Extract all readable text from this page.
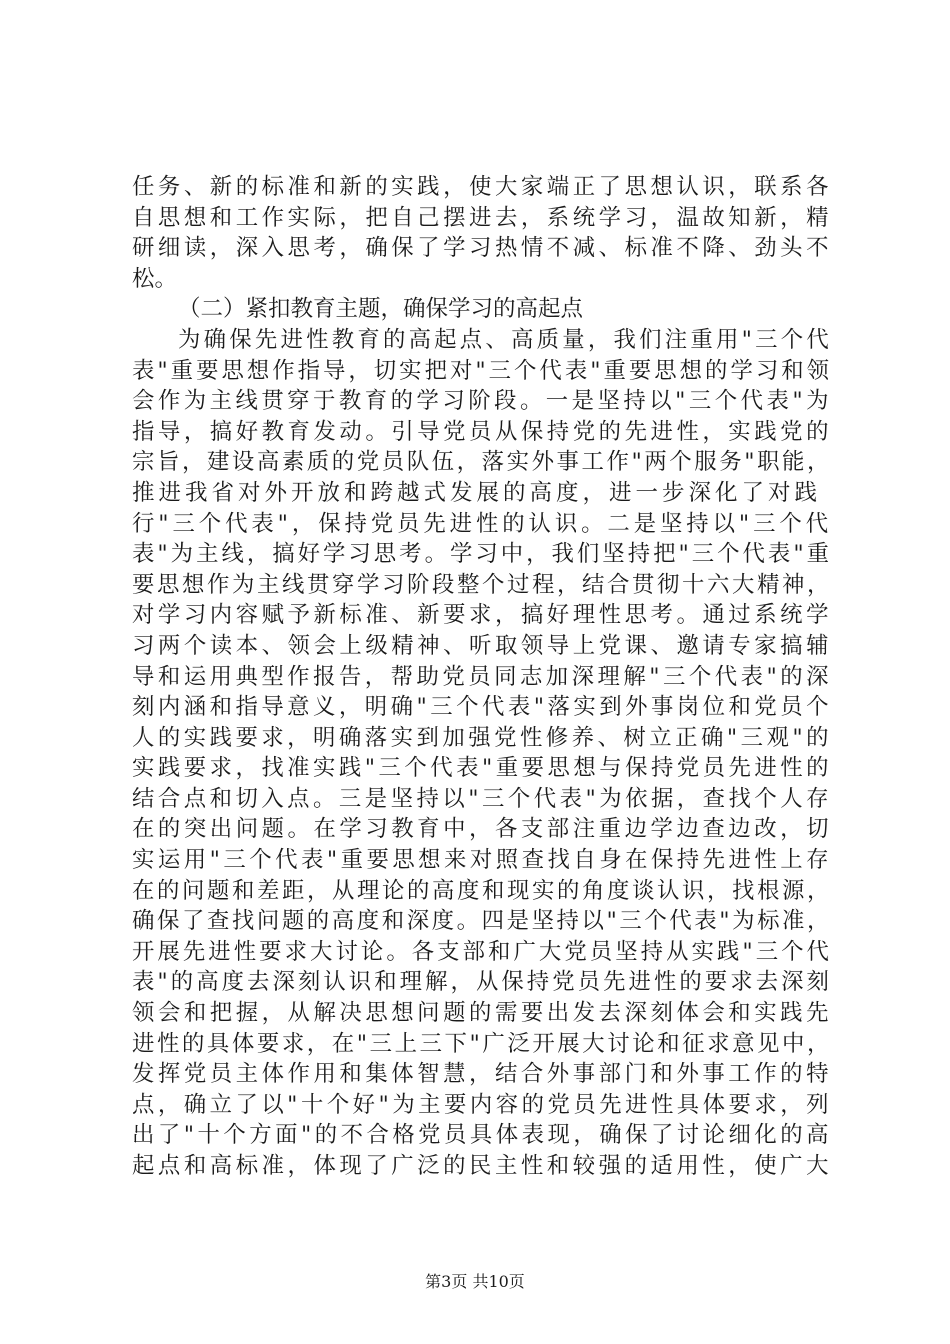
任务、新的标准和新的实践，使大家端正了思想认识，联系各
自思想和工作实际，把自己摆进去，系统学习，温故知新，精
研细读，深入思考，确保了学习热情不减、标准不降、劲头不
松。
（二）紧扣教育主题，确保学习的高起点
为确保先进性教育的高起点、高质量，我们注重用"三个代
表"重要思想作指导，切实把对"三个代表"重要思想的学习和领
会作为主线贯穿于教育的学习阶段。一是坚持以"三个代表"为
指导，搞好教育发动。引导党员从保持党的先进性，实践党的
宗旨，建设高素质的党员队伍，落实外事工作"两个服务"职能，
推进我省对外开放和跨越式发展的高度，进一步深化了对践
行"三个代表"，保持党员先进性的认识。二是坚持以"三个代
表"为主线，搞好学习思考。学习中，我们坚持把"三个代表"重
要思想作为主线贯穿学习阶段整个过程，结合贯彻十六大精神，
对学习内容赋予新标准、新要求，搞好理性思考。通过系统学
习两个读本、领会上级精神、听取领导上党课、邀请专家搞辅
导和运用典型作报告，帮助党员同志加深理解"三个代表"的深
刻内涵和指导意义，明确"三个代表"落实到外事岗位和党员个
人的实践要求，明确落实到加强党性修养、树立正确"三观"的
实践要求，找准实践"三个代表"重要思想与保持党员先进性的
结合点和切入点。三是坚持以"三个代表"为依据，查找个人存
在的突出问题。在学习教育中，各支部注重边学边查边改，切
实运用"三个代表"重要思想来对照查找自身在保持先进性上存
在的问题和差距，从理论的高度和现实的角度谈认识，找根源，
确保了查找问题的高度和深度。四是坚持以"三个代表"为标准，
开展先进性要求大讨论。各支部和广大党员坚持从实践"三个代
表"的高度去深刻认识和理解，从保持党员先进性的要求去深刻
领会和把握，从解决思想问题的需要出发去深刻体会和实践先
进性的具体要求，在"三上三下"广泛开展大讨论和征求意见中，
发挥党员主体作用和集体智慧，结合外事部门和外事工作的特
点，确立了以"十个好"为主要内容的党员先进性具体要求，列
出了"十个方面"的不合格党员具体表现，确保了讨论细化的高
起点和高标准，体现了广泛的民主性和较强的适用性，使广大
第3页 共10页
